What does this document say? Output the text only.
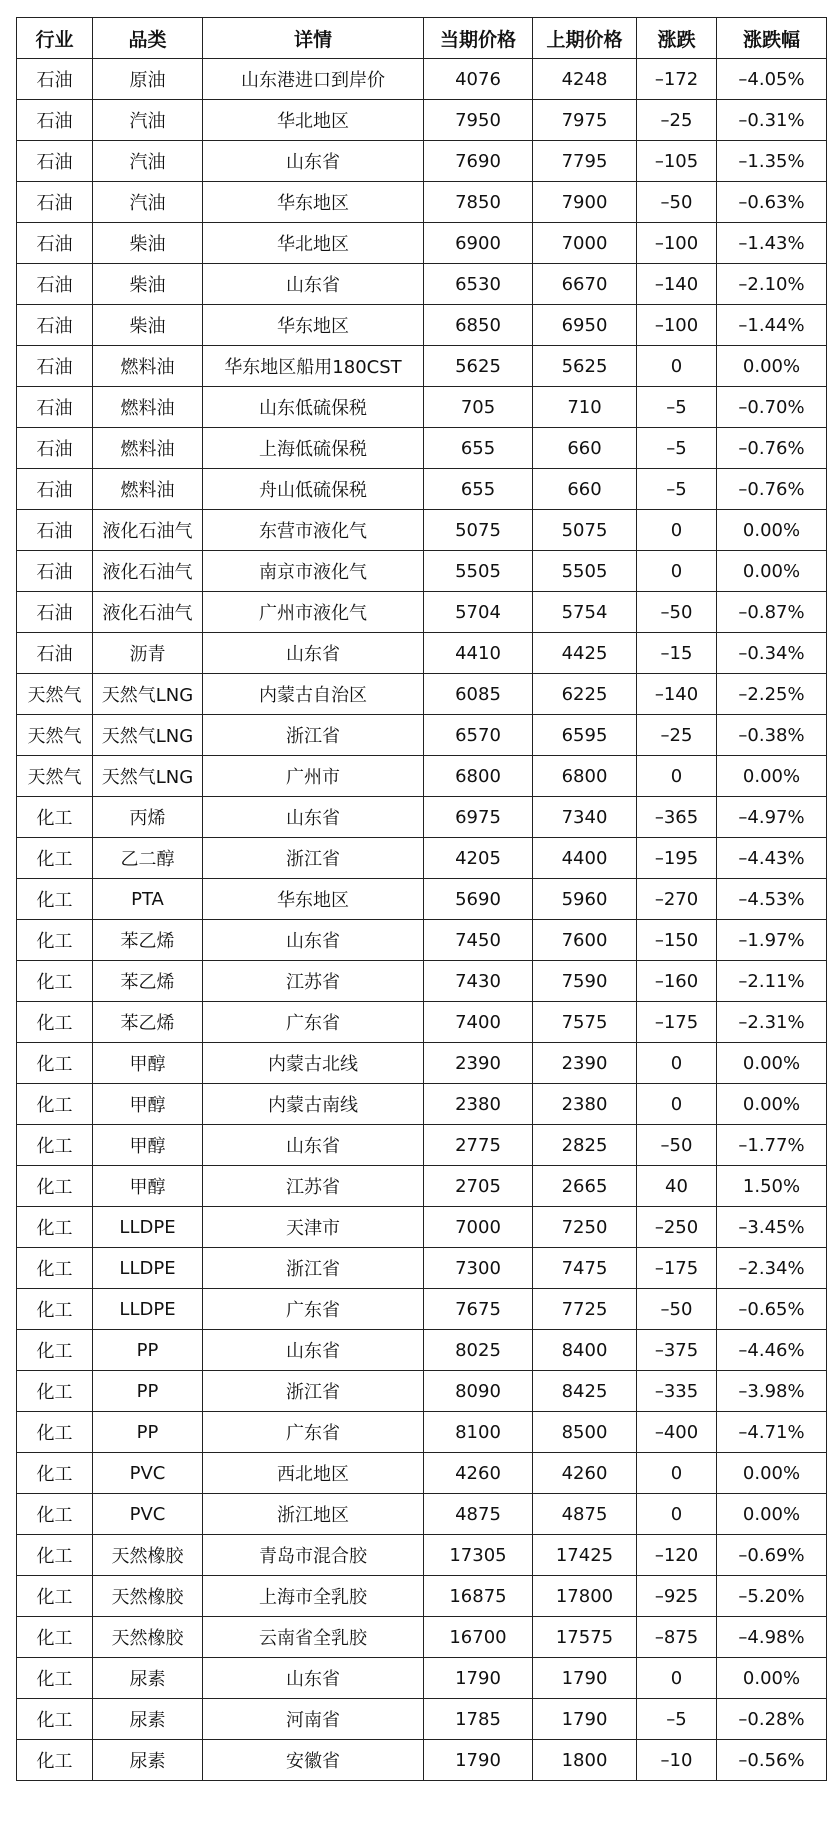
行业	品类	详情	当期价格	上期价格	涨跌	涨跌幅
石油	原油	山东港进口到岸价	4076	4248	–172	–4.05%
石油	汽油	华北地区	7950	7975	–25	–0.31%
石油	汽油	山东省	7690	7795	–105	–1.35%
石油	汽油	华东地区	7850	7900	–50	–0.63%
石油	柴油	华北地区	6900	7000	–100	–1.43%
石油	柴油	山东省	6530	6670	–140	–2.10%
石油	柴油	华东地区	6850	6950	–100	–1.44%
石油	燃料油	华东地区船用180CST	5625	5625	0	0.00%
石油	燃料油	山东低硫保税	705	710	–5	–0.70%
石油	燃料油	上海低硫保税	655	660	–5	–0.76%
石油	燃料油	舟山低硫保税	655	660	–5	–0.76%
石油	液化石油气	东营市液化气	5075	5075	0	0.00%
石油	液化石油气	南京市液化气	5505	5505	0	0.00%
石油	液化石油气	广州市液化气	5704	5754	–50	–0.87%
石油	沥青	山东省	4410	4425	–15	–0.34%
天然气	天然气LNG	内蒙古自治区	6085	6225	–140	–2.25%
天然气	天然气LNG	浙江省	6570	6595	–25	–0.38%
天然气	天然气LNG	广州市	6800	6800	0	0.00%
化工	丙烯	山东省	6975	7340	–365	–4.97%
化工	乙二醇	浙江省	4205	4400	–195	–4.43%
化工	PTA	华东地区	5690	5960	–270	–4.53%
化工	苯乙烯	山东省	7450	7600	–150	–1.97%
化工	苯乙烯	江苏省	7430	7590	–160	–2.11%
化工	苯乙烯	广东省	7400	7575	–175	–2.31%
化工	甲醇	内蒙古北线	2390	2390	0	0.00%
化工	甲醇	内蒙古南线	2380	2380	0	0.00%
化工	甲醇	山东省	2775	2825	–50	–1.77%
化工	甲醇	江苏省	2705	2665	40	1.50%
化工	LLDPE	天津市	7000	7250	–250	–3.45%
化工	LLDPE	浙江省	7300	7475	–175	–2.34%
化工	LLDPE	广东省	7675	7725	–50	–0.65%
化工	PP	山东省	8025	8400	–375	–4.46%
化工	PP	浙江省	8090	8425	–335	–3.98%
化工	PP	广东省	8100	8500	–400	–4.71%
化工	PVC	西北地区	4260	4260	0	0.00%
化工	PVC	浙江地区	4875	4875	0	0.00%
化工	天然橡胶	青岛市混合胶	17305	17425	–120	–0.69%
化工	天然橡胶	上海市全乳胶	16875	17800	–925	–5.20%
化工	天然橡胶	云南省全乳胶	16700	17575	–875	–4.98%
化工	尿素	山东省	1790	1790	0	0.00%
化工	尿素	河南省	1785	1790	–5	–0.28%
化工	尿素	安徽省	1790	1800	–10	–0.56%
